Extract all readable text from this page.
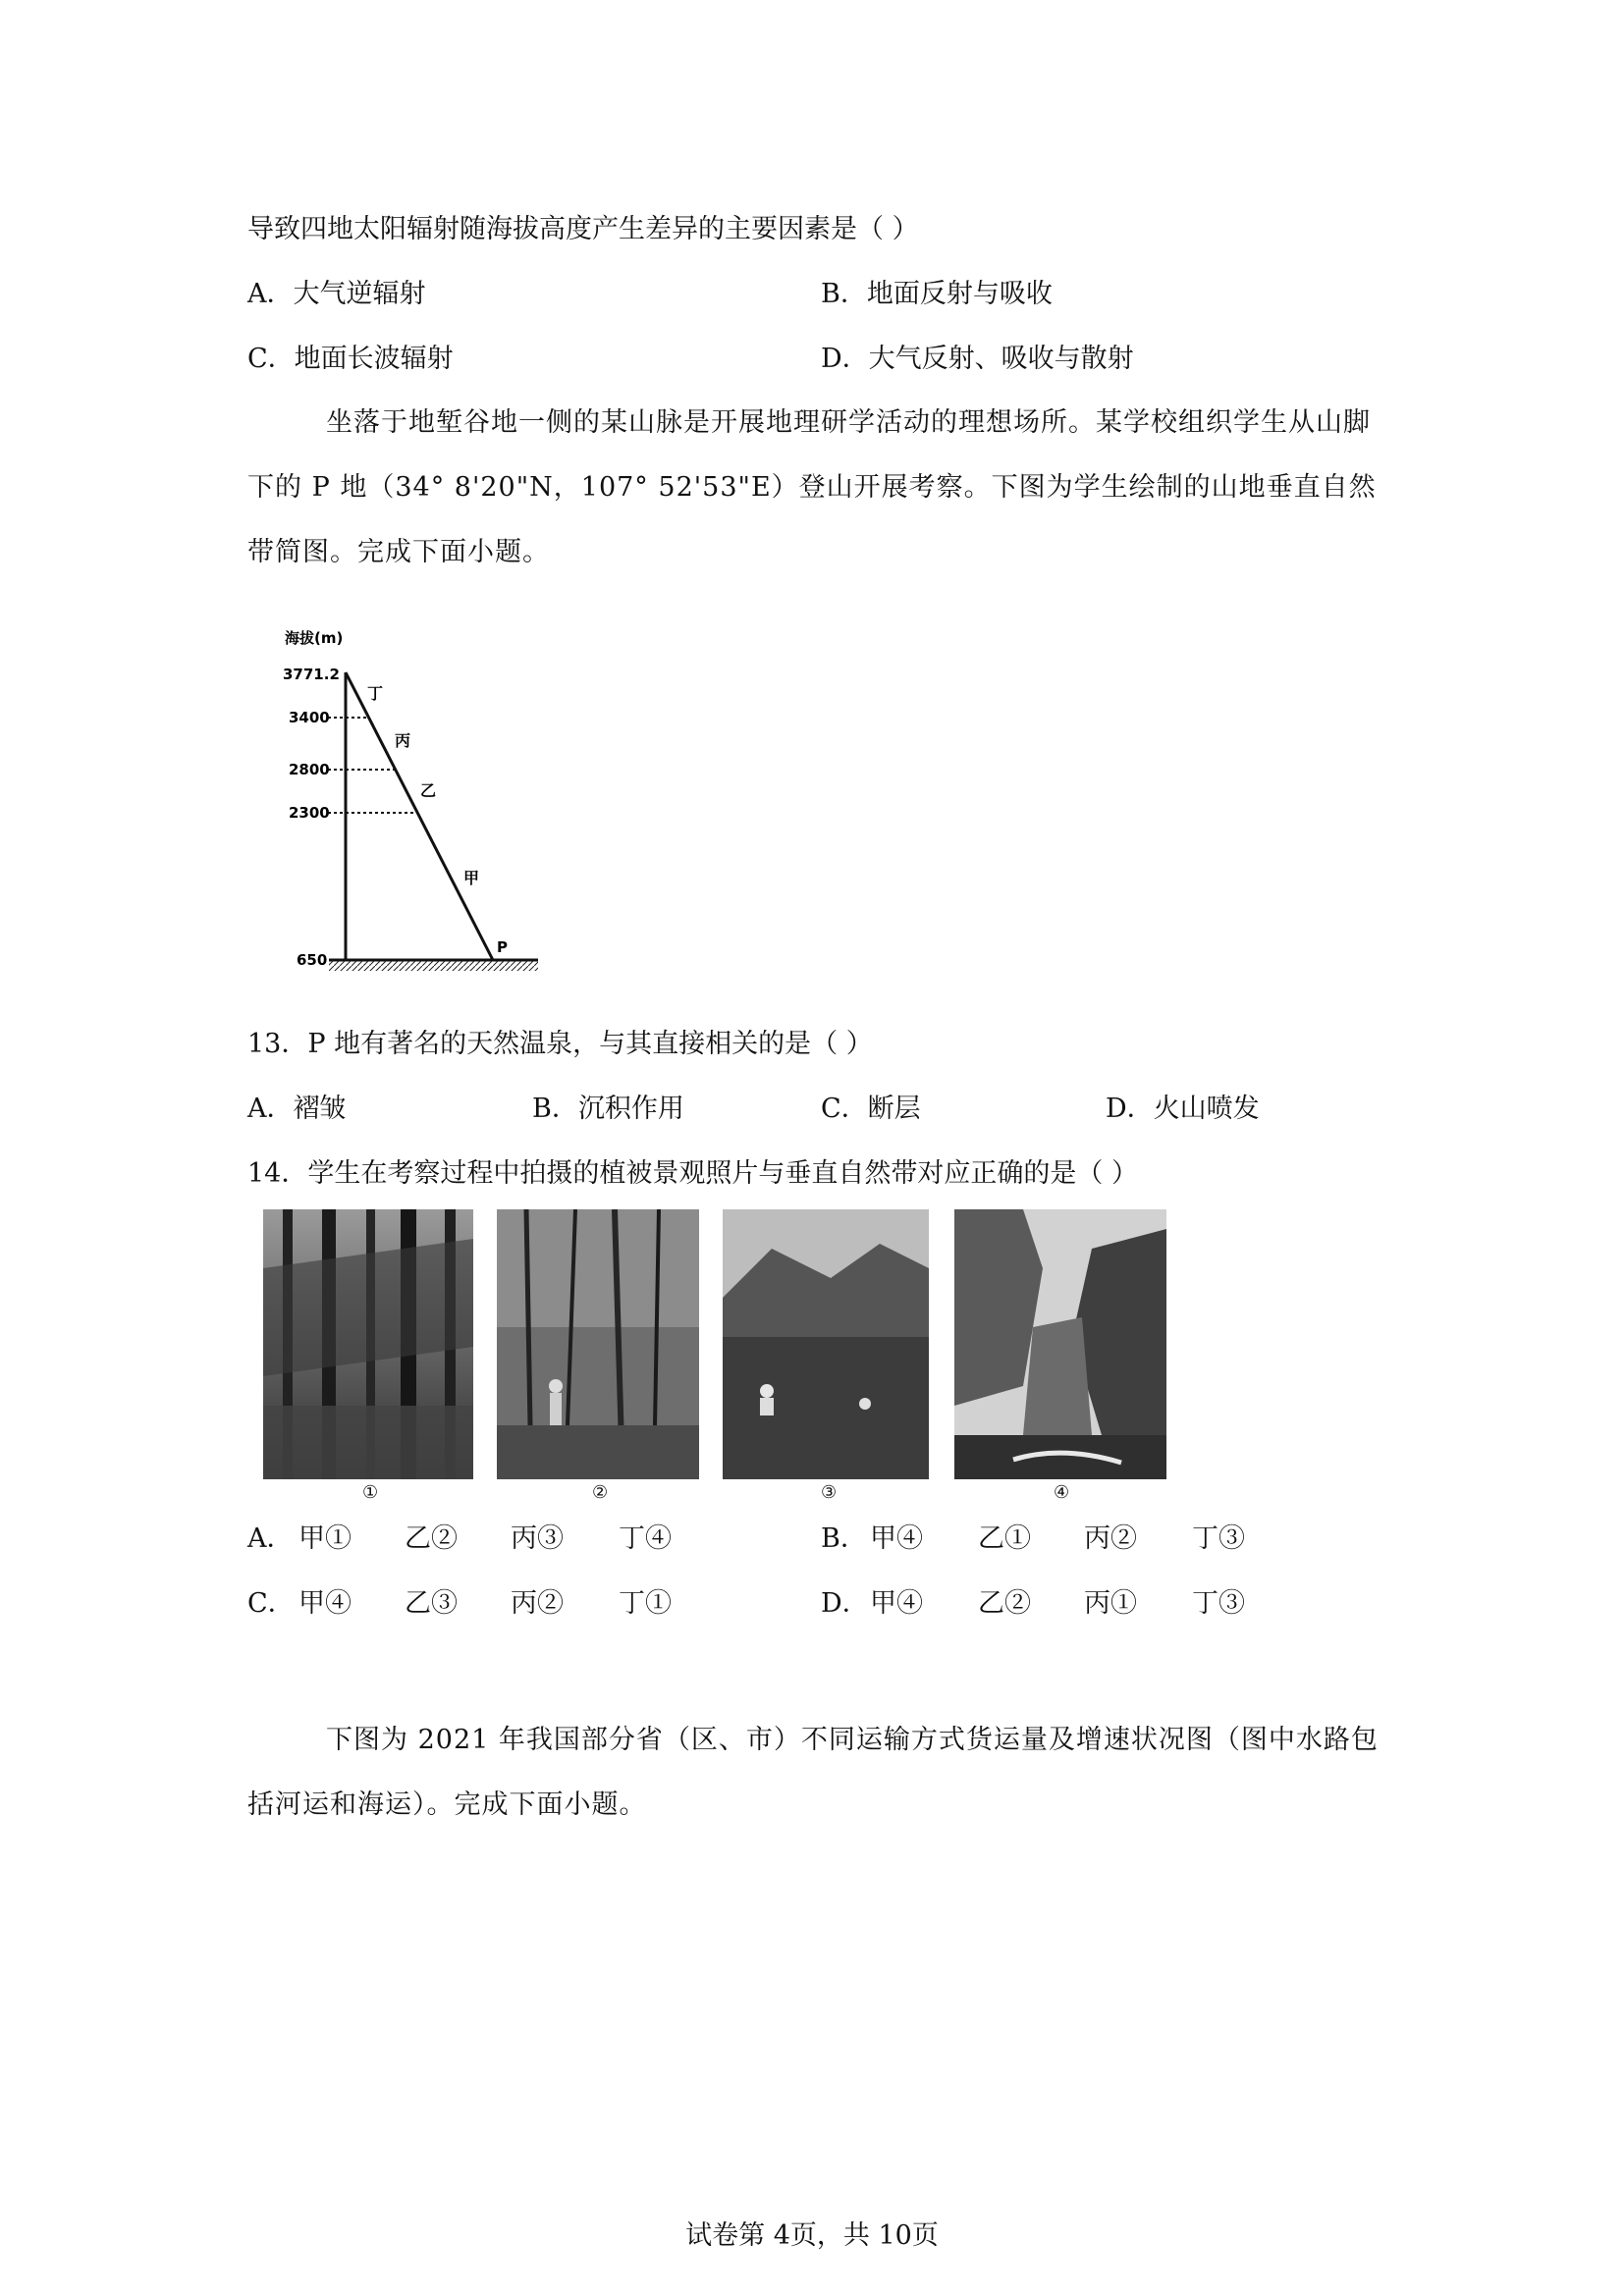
导致四地太阳辐射随海拔高度产生差异的主要因素是（ ）
A．大气逆辐射	B．地面反射与吸收
C．地面长波辐射	D．大气反射、吸收与散射
坐落于地堑谷地一侧的某山脉是开展地理研学活动的理想场所。某学校组织学生从山脚下的 P 地（34° 8'20"N，107° 52'53"E）登山开展考察。下图为学生绘制的山地垂直自然带简图。完成下面小题。
海拔(m)
3771.2
3400
2800
2300
650
丁
丙
乙
甲
P
13．P 地有著名的天然温泉，与其直接相关的是（ ）
A．褶皱	B．沉积作用	C．断层	D．火山喷发
14．学生在考察过程中拍摄的植被景观照片与垂直自然带对应正确的是（ ）
①	②	③	④
A． 甲① 乙② 丙③ 丁④	B． 甲④ 乙① 丙② 丁③
C． 甲④ 乙③ 丙② 丁①	D． 甲④ 乙② 丙① 丁③
下图为 2021 年我国部分省（区、市）不同运输方式货运量及增速状况图（图中水路包括河运和海运）。完成下面小题。
试卷第 4页，共 10页
